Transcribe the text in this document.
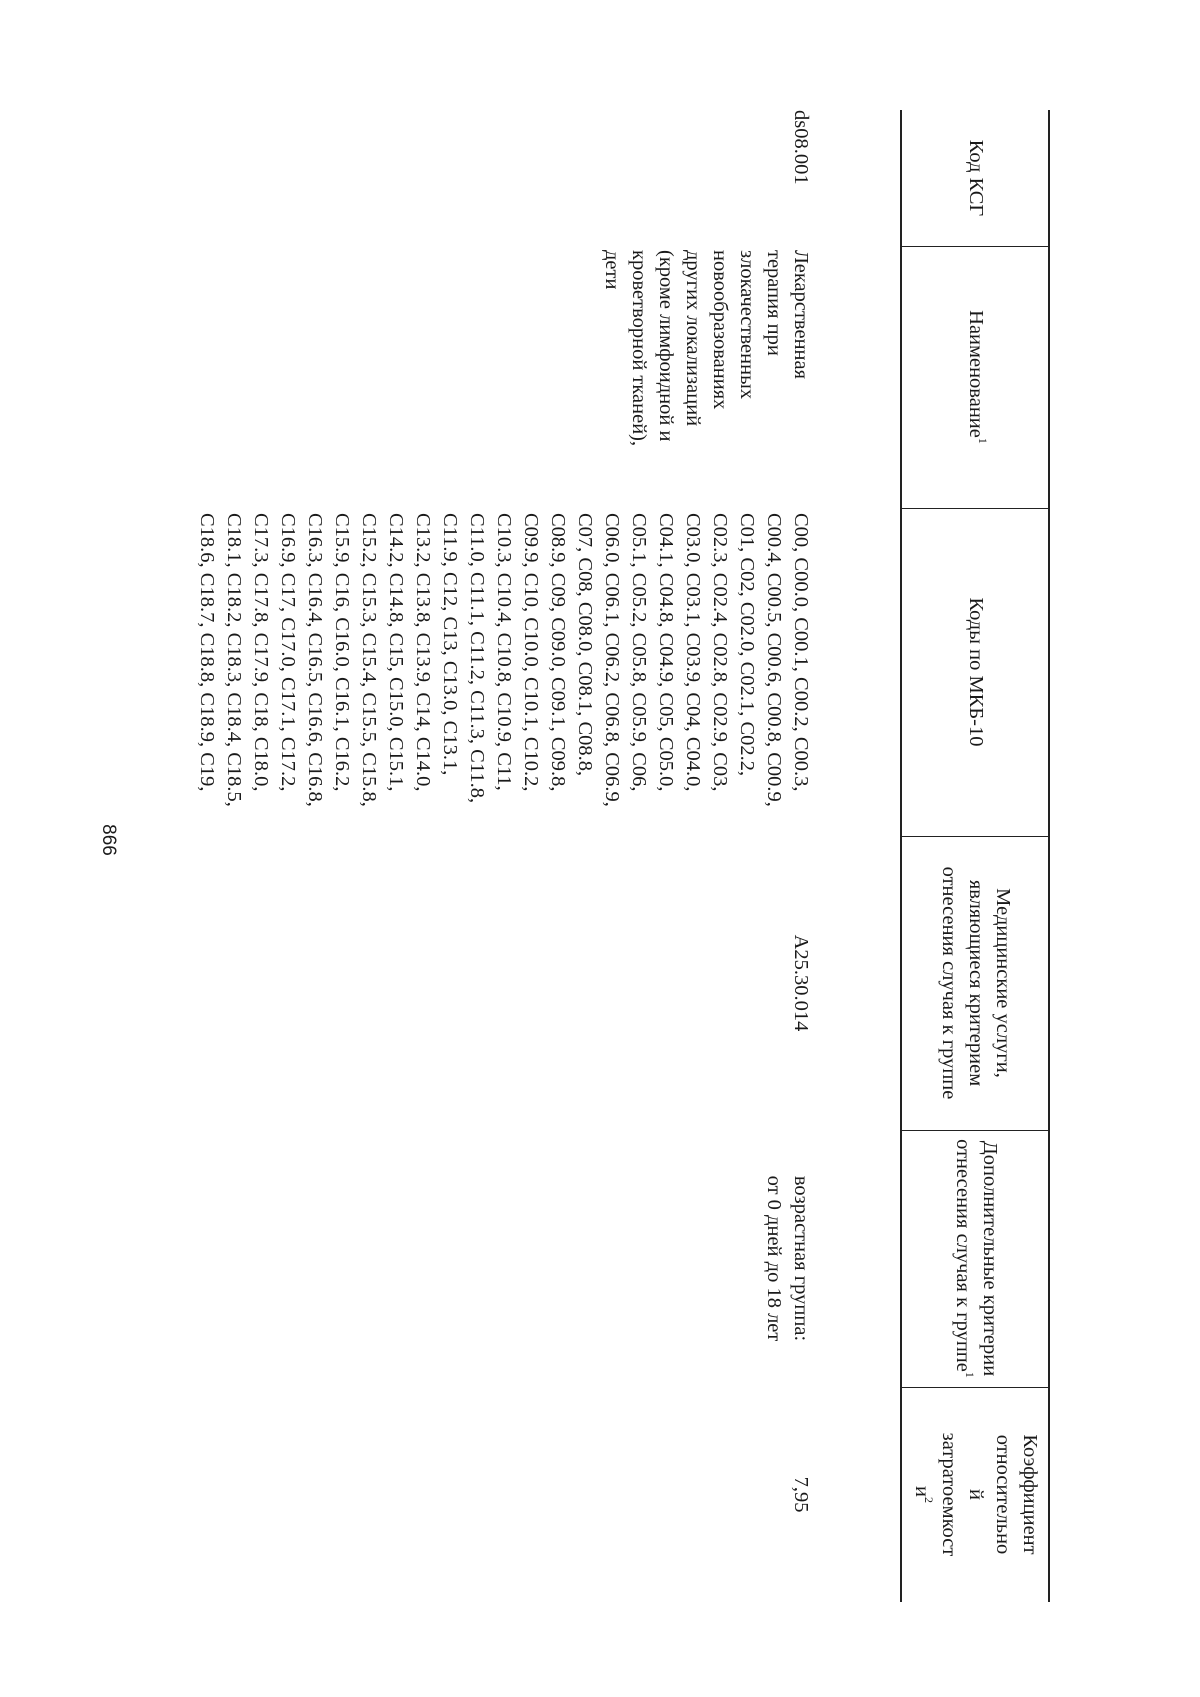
866
Код КСГ
Наименование$^1$
Коды по МКБ-10
Медицинские услуги, являющиеся критерием отнесения случая к группе
Дополнительные критерии отнесения случая к группе$^1$
Коэффициент относительно
й
затратоемкост
$и^2$
ds08.001
Лекарственная
терапия при
злокачественных
новообразованиях
других локализаций
(кроме лимфоидной и
кроветворной тканей),
дети
C00, C00.0, C00.1, C00.2, C00.3,
C00.4, C00.5, C00.6, C00.8, C00.9,
C01, C02, C02.0, C02.1, C02.2,
C02.3, C02.4, C02.8, C02.9, C03,
C03.0, C03.1, C03.9, C04, C04.0,
C04.1, C04.8, C04.9, C05, C05.0,
C05.1, C05.2, C05.8, C05.9, C06,
C06.0, C06.1, C06.2, C06.8, C06.9,
C07, C08, C08.0, C08.1, C08.8,
C08.9, C09, C09.0, C09.1, C09.8,
C09.9, C10, C10.0, C10.1, C10.2,
C10.3, C10.4, C10.8, C10.9, C11,
C11.0, C11.1, C11.2, C11.3, C11.8,
C11.9, C12, C13, C13.0, C13.1,
C13.2, C13.8, C13.9, C14, C14.0,
C14.2, C14.8, C15, C15.0, C15.1,
C15.2, C15.3, C15.4, C15.5, C15.8,
C15.9, C16, C16.0, C16.1, C16.2,
C16.3, C16.4, C16.5, C16.6, C16.8,
C16.9, C17, C17.0, C17.1, C17.2,
C17.3, C17.8, C17.9, C18, C18.0,
C18.1, C18.2, C18.3, C18.4, C18.5,
C18.6, C18.7, C18.8, C18.9, C19,
A25.30.014
возрастная группа:
от 0 дней до 18 лет
7,95
